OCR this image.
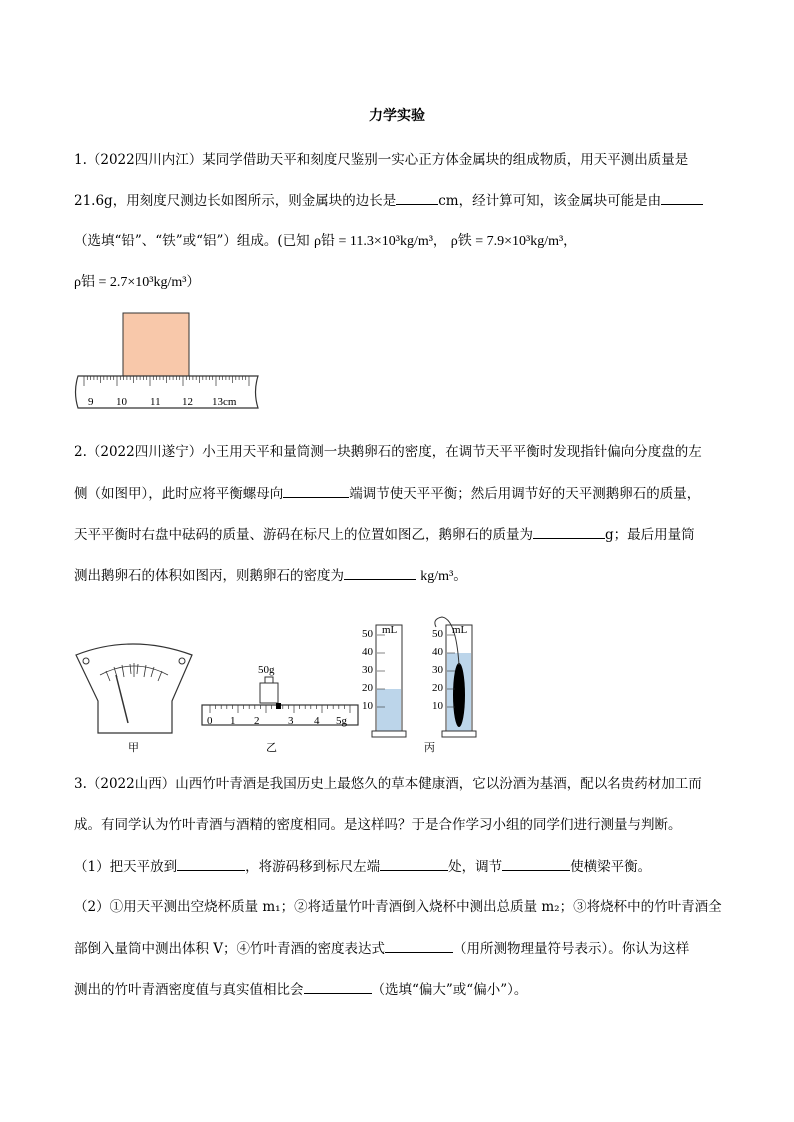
力学实验
1.（2022四川内江）某同学借助天平和刻度尺鉴别一实心正方体金属块的组成物质，用天平测出质量是
21.6g，用刻度尺测边长如图所示，则金属块的边长是	cm，经计算可知，该金属块可能是由
（选填“铅”、“铁”或“铝”）组成。(已知 ρ铅 = 11.3×10³kg/m³， ρ铁 = 7.9×10³kg/m³，
ρ铝 = 2.7×10³kg/m³）
9 10 11 12 13cm
2.（2022四川遂宁）小王用天平和量筒测一块鹅卵石的密度，在调节天平平衡时发现指针偏向分度盘的左
侧（如图甲），此时应将平衡螺母向	端调节使天平平衡；然后用调节好的天平测鹅卵石的质量，
天平平衡时右盘中砝码的质量、游码在标尺上的位置如图乙，鹅卵石的质量为	g；最后用量筒
测出鹅卵石的体积如图丙，则鹅卵石的密度为	kg/m³。
甲
50g
0 1 2	3 4 5g
乙
mL
50
40
30
20
10
mL
50
40
30
20
10
丙
3.（2022山西）山西竹叶青酒是我国历史上最悠久的草本健康酒，它以汾酒为基酒，配以名贵药材加工而
成。有同学认为竹叶青酒与酒精的密度相同。是这样吗？于是合作学习小组的同学们进行测量与判断。
（1）把天平放到	，将游码移到标尺左端	处，调节	使横梁平衡。
（2）①用天平测出空烧杯质量 m₁；②将适量竹叶青酒倒入烧杯中测出总质量 m₂；③将烧杯中的竹叶青酒全
部倒入量筒中测出体积 V；④竹叶青酒的密度表达式	（用所测物理量符号表示）。你认为这样
测出的竹叶青酒密度值与真实值相比会	（选填“偏大”或“偏小”）。
